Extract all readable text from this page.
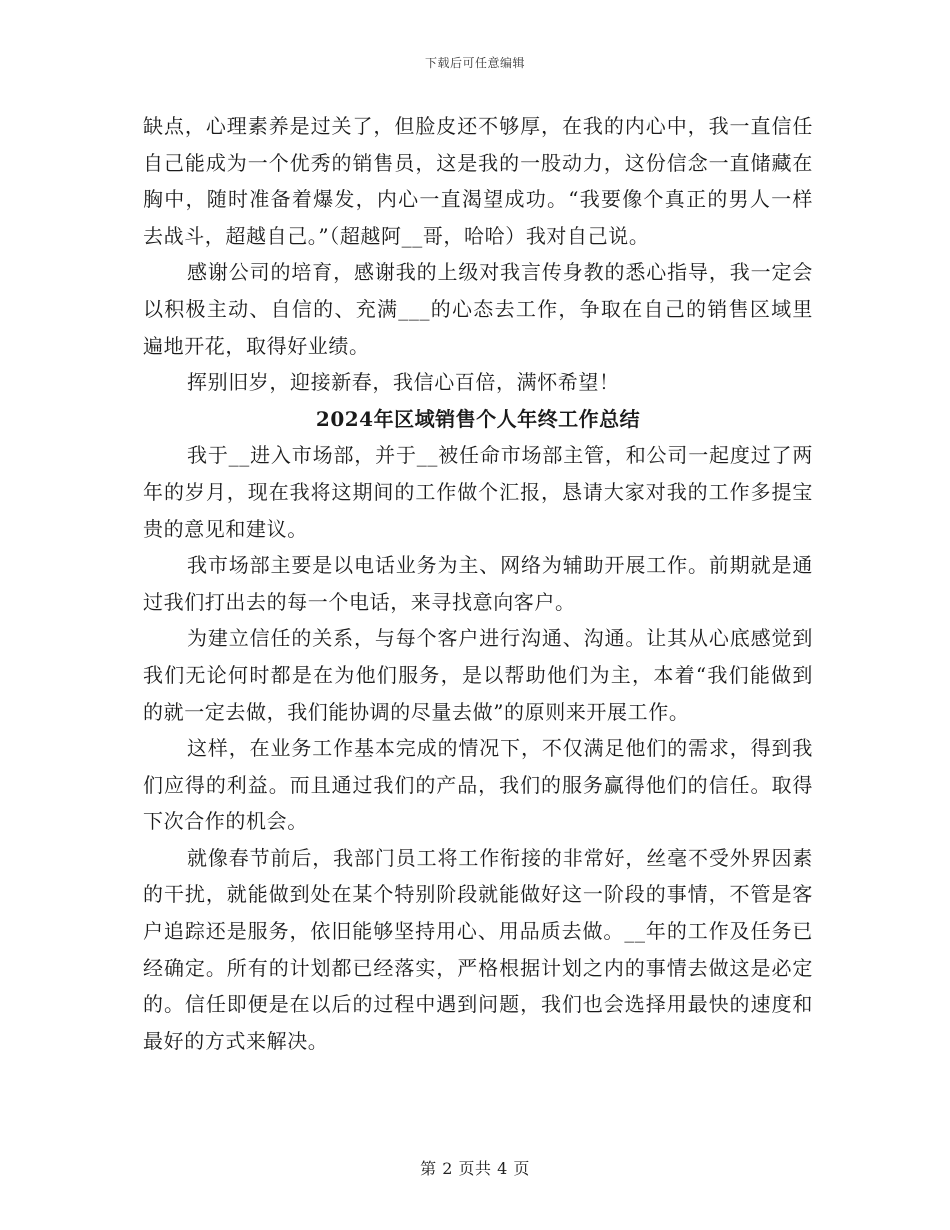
下载后可任意编辑

缺点，心理素养是过关了，但脸皮还不够厚，在我的内心中，我一直信任自己能成为一个优秀的销售员，这是我的一股动力，这份信念一直储藏在胸中，随时准备着爆发，内心一直渴望成功。“我要像个真正的男人一样去战斗，超越自己。”（超越阿__哥，哈哈）我对自己说。

感谢公司的培育，感谢我的上级对我言传身教的悉心指导，我一定会以积极主动、自信的、充满___的心态去工作，争取在自己的销售区域里遍地开花，取得好业绩。

挥别旧岁，迎接新春，我信心百倍，满怀希望！

2024年区域销售个人年终工作总结

我于__进入市场部，并于__被任命市场部主管，和公司一起度过了两年的岁月，现在我将这期间的工作做个汇报，恳请大家对我的工作多提宝贵的意见和建议。

我市场部主要是以电话业务为主、网络为辅助开展工作。前期就是通过我们打出去的每一个电话，来寻找意向客户。

为建立信任的关系，与每个客户进行沟通、沟通。让其从心底感觉到我们无论何时都是在为他们服务，是以帮助他们为主，本着“我们能做到的就一定去做，我们能协调的尽量去做”的原则来开展工作。

这样，在业务工作基本完成的情况下，不仅满足他们的需求，得到我们应得的利益。而且通过我们的产品，我们的服务赢得他们的信任。取得下次合作的机会。

就像春节前后，我部门员工将工作衔接的非常好，丝毫不受外界因素的干扰，就能做到处在某个特别阶段就能做好这一阶段的事情，不管是客户追踪还是服务，依旧能够坚持用心、用品质去做。__年的工作及任务已经确定。所有的计划都已经落实，严格根据计划之内的事情去做这是必定的。信任即便是在以后的过程中遇到问题，我们也会选择用最快的速度和最好的方式来解决。

第 2 页共 4 页
